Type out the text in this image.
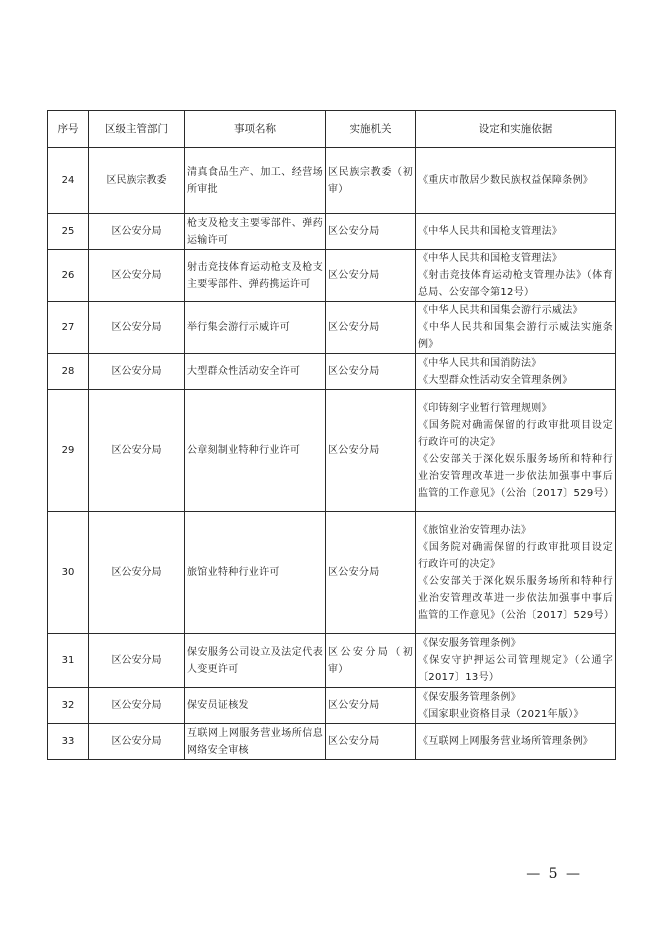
序号	区级主管部门	事项名称	实施机关	设定和实施依据
24	区民族宗教委	清真食品生产、加工、经营场所审批	区民族宗教委（初审）	《重庆市散居少数民族权益保障条例》

25	区公安分局	枪支及枪支主要零部件、弹药运输许可	区公安分局	《中华人民共和国枪支管理法》

26	区公安分局	射击竞技体育运动枪支及枪支主要零部件、弹药携运许可	区公安分局	《中华人民共和国枪支管理法》
《射击竞技体育运动枪支管理办法》（体育总局、公安部令第12号）

27	区公安分局	举行集会游行示威许可	区公安分局	《中华人民共和国集会游行示威法》
《中华人民共和国集会游行示威法实施条例》

28	区公安分局	大型群众性活动安全许可	区公安分局	《中华人民共和国消防法》
《大型群众性活动安全管理条例》

29	区公安分局	公章刻制业特种行业许可	区公安分局	《印铸刻字业暂行管理规则》
《国务院对确需保留的行政审批项目设定行政许可的决定》
《公安部关于深化娱乐服务场所和特种行业治安管理改革进一步依法加强事中事后监管的工作意见》（公治〔2017〕529号）

30	区公安分局	旅馆业特种行业许可	区公安分局	《旅馆业治安管理办法》
《国务院对确需保留的行政审批项目设定行政许可的决定》
《公安部关于深化娱乐服务场所和特种行业治安管理改革进一步依法加强事中事后监管的工作意见》（公治〔2017〕529号）

31	区公安分局	保安服务公司设立及法定代表人变更许可	区公安分局（初审）	《保安服务管理条例》
《保安守护押运公司管理规定》（公通字〔2017〕13号）

32	区公安分局	保安员证核发	区公安分局	《保安服务管理条例》
《国家职业资格目录（2021年版）》

33	区公安分局	互联网上网服务营业场所信息网络安全审核	区公安分局	《互联网上网服务营业场所管理条例》
— 5 —
